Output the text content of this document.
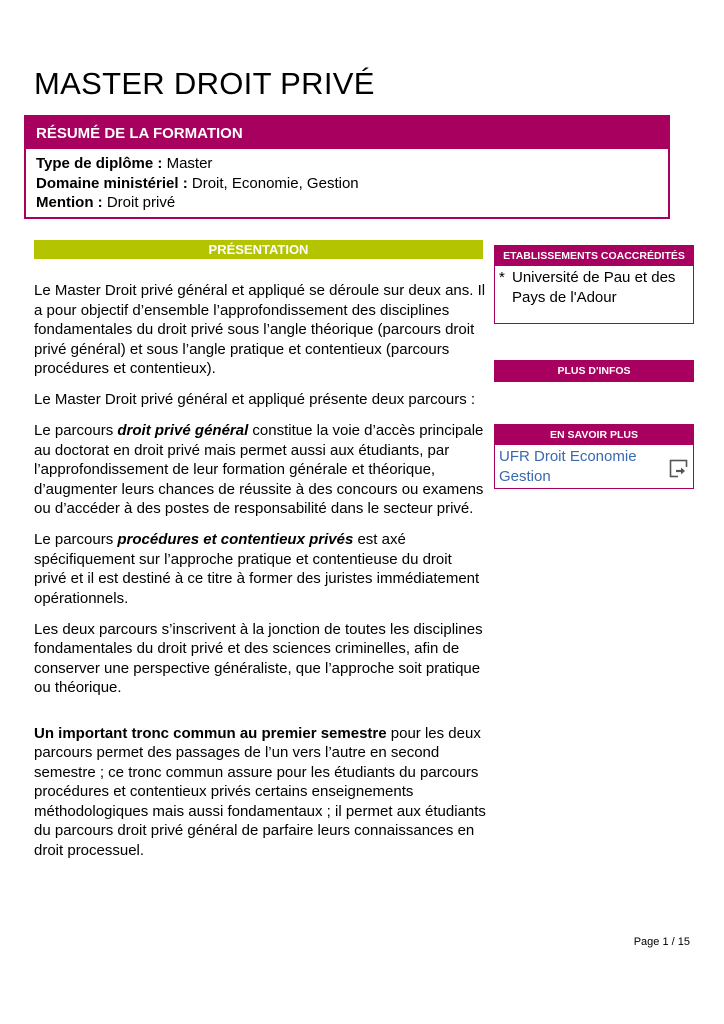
MASTER DROIT PRIVÉ
RÉSUMÉ DE LA FORMATION
Type de diplôme : Master
Domaine ministériel : Droit, Economie, Gestion
Mention : Droit privé
PRÉSENTATION

Le Master Droit privé général et appliqué se déroule sur deux ans. Il a pour objectif d’ensemble l’approfondissement des disciplines fondamentales du droit privé sous l’angle théorique (parcours droit privé général) et sous l’angle pratique et contentieux (parcours procédures et contentieux).

Le Master Droit privé général et appliqué présente deux parcours :

Le parcours droit privé général constitue la voie d’accès principale au doctorat en droit privé mais permet aussi aux étudiants, par l’approfondissement de leur formation générale et théorique, d’augmenter leurs chances de réussite à des concours ou examens ou d’accéder à des postes de responsabilité dans le secteur privé.

Le parcours procédures et contentieux privés est axé spécifiquement sur l’approche pratique et contentieuse du droit privé et il est destiné à ce titre à former des juristes immédiatement opérationnels.

Les deux parcours s’inscrivent à la jonction de toutes les disciplines fondamentales du droit privé et des sciences criminelles, afin de conserver une perspective généraliste, que l’approche soit pratique ou théorique.

Un important tronc commun au premier semestre pour les deux parcours permet des passages de l’un vers l’autre en second semestre ; ce tronc commun assure pour les étudiants du parcours procédures et contentieux privés certains enseignements méthodologiques mais aussi fondamentaux ; il permet aux étudiants du parcours droit privé général de parfaire leurs connaissances en droit processuel.

ETABLISSEMENTS COACCRÉDITÉS
* Université de Pau et des Pays de l'Adour
PLUS D'INFOS
EN SAVOIR PLUS
UFR Droit Economie Gestion
Page 1 / 15
